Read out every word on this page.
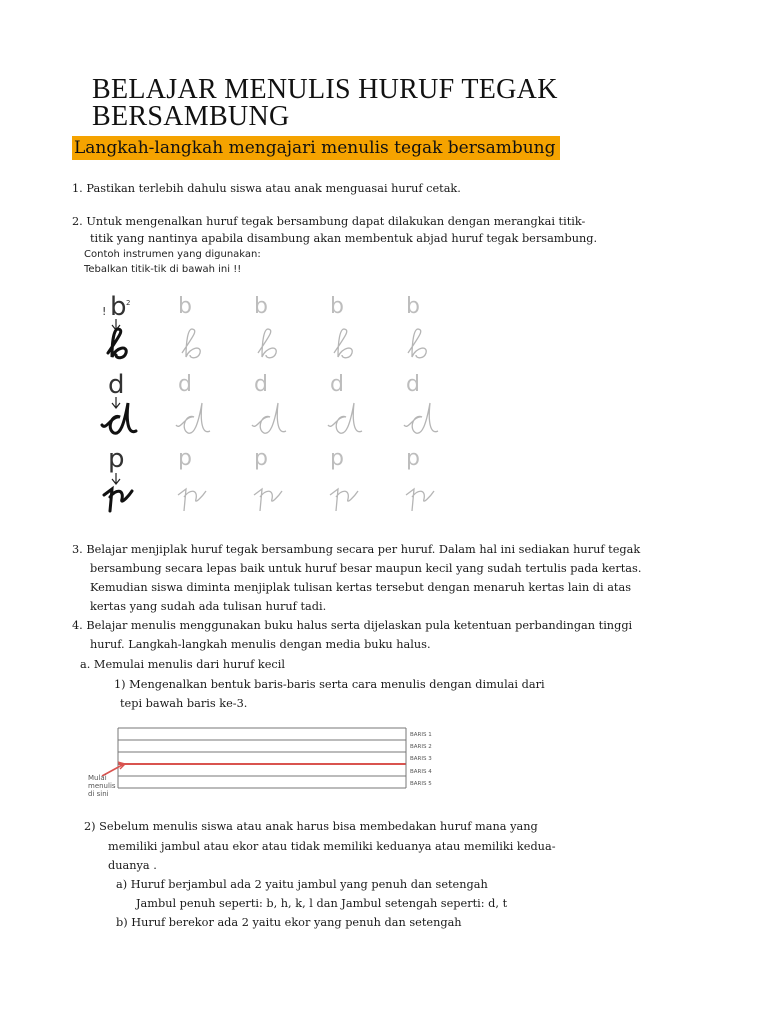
BELAJAR MENULIS HURUF TEGAK
BERSAMBUNG
Langkah-langkah mengajari menulis tegak bersambung
1. Pastikan terlebih dahulu siswa atau anak menguasai huruf cetak.
2. Untuk mengenalkan huruf tegak bersambung dapat dilakukan dengan merangkai titik-
titik yang nantinya apabila disambung akan membentuk abjad huruf tegak bersambung.
Contoh instrumen yang digunakan:
Tebalkan titik-tik di bawah ini !!
b
!
2 b	b	b	b
d d	d	d	d
p p	p	p	p
3. Belajar menjiplak huruf tegak bersambung secara per huruf. Dalam hal ini sediakan huruf tegak
bersambung secara lepas baik untuk huruf besar maupun kecil yang sudah tertulis pada kertas.
Kemudian siswa diminta menjiplak tulisan kertas tersebut dengan menaruh kertas lain di atas
kertas yang sudah ada tulisan huruf tadi.
4. Belajar menulis menggunakan buku halus serta dijelaskan pula ketentuan perbandingan tinggi
huruf. Langkah-langkah menulis dengan media buku halus.
a. Memulai menulis dari huruf kecil
1) Mengenalkan bentuk baris-baris serta cara menulis dengan dimulai dari
tepi bawah baris ke-3.
BARIS 1
BARIS 2
BARIS 3
BARIS 4
BARIS 5
Mulai
menulis
di sini
2) Sebelum menulis siswa atau anak harus bisa membedakan huruf mana yang
memiliki jambul atau ekor atau tidak memiliki keduanya atau memiliki kedua-
duanya .
a) Huruf berjambul ada 2 yaitu jambul yang penuh dan setengah
Jambul penuh seperti: b, h, k, l dan Jambul setengah seperti: d, t
b) Huruf berekor ada 2 yaitu ekor yang penuh dan setengah
